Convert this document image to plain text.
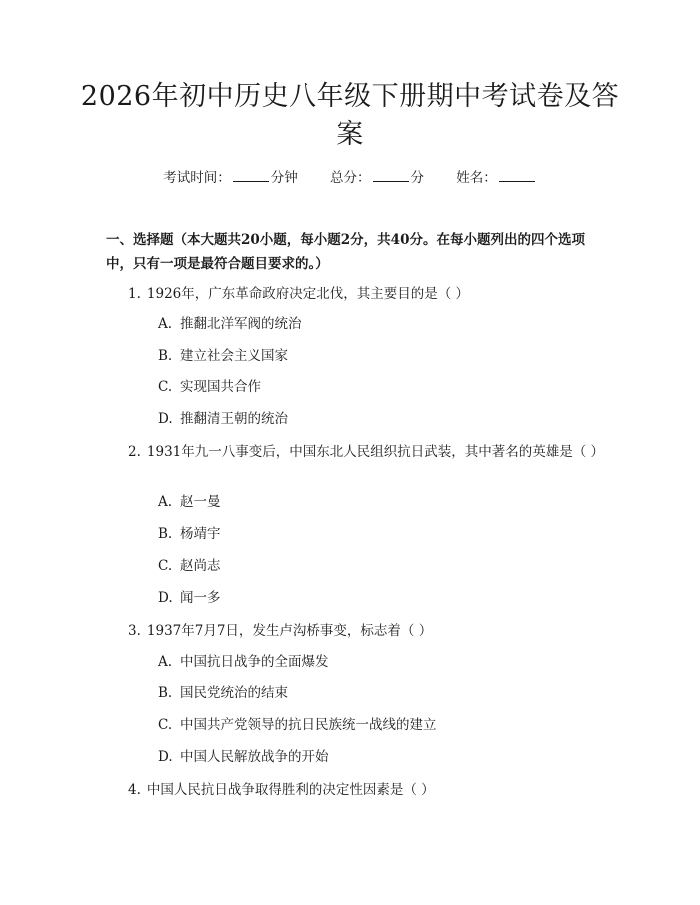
2026年初中历史八年级下册期中考试卷及答
案
考试时间：	分钟 总分：	分 姓名：
一、选择题（本大题共20小题，每小题2分，共40分。在每小题列出的四个选项中，只有一项是最符合题目要求的。）
1. 1926年，广东革命政府决定北伐，其主要目的是（ ）
A. 推翻北洋军阀的统治
B. 建立社会主义国家
C. 实现国共合作
D. 推翻清王朝的统治
2. 1931年九一八事变后，中国东北人民组织抗日武装，其中著名的英雄是（ ）
A. 赵一曼
B. 杨靖宇
C. 赵尚志
D. 闻一多
3. 1937年7月7日，发生卢沟桥事变，标志着（ ）
A. 中国抗日战争的全面爆发
B. 国民党统治的结束
C. 中国共产党领导的抗日民族统一战线的建立
D. 中国人民解放战争的开始
4. 中国人民抗日战争取得胜利的决定性因素是（ ）
